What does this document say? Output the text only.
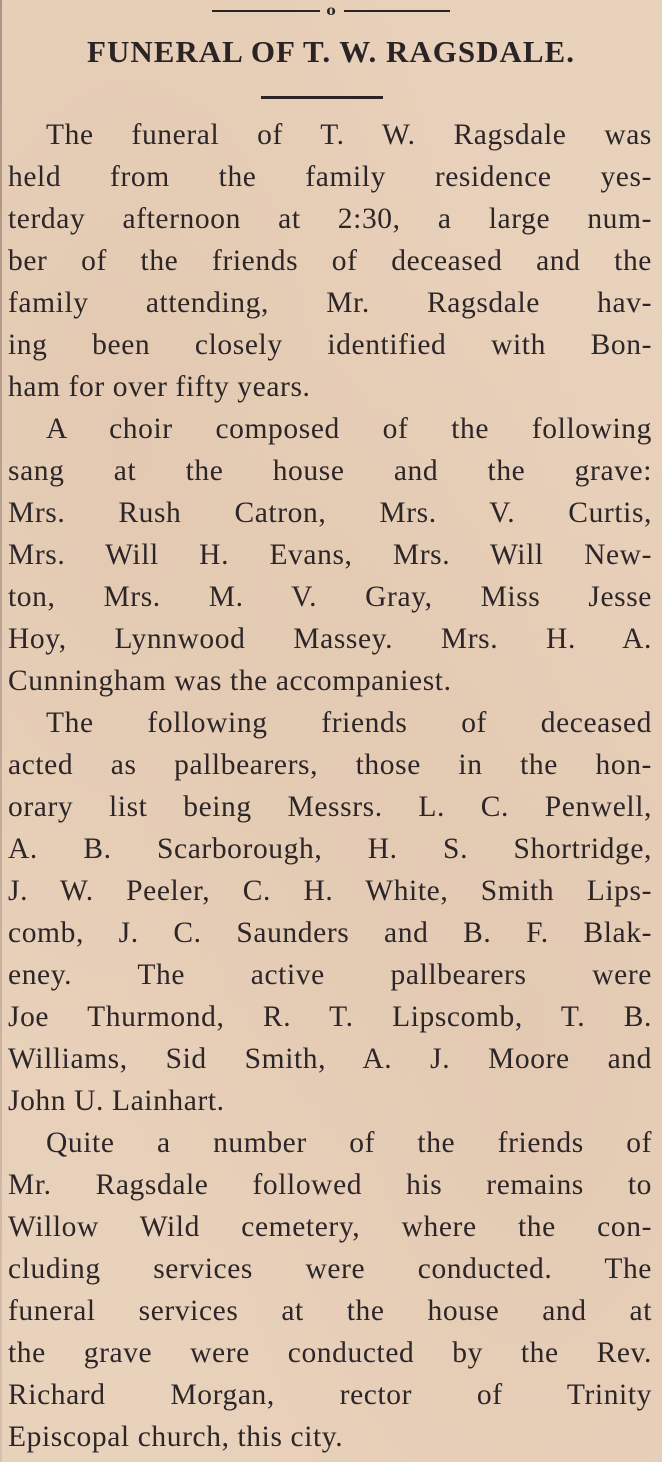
o
FUNERAL OF T. W. RAGSDALE.

The funeral of T. W. Ragsdale was
held from the family residence yes-
terday afternoon at 2:30, a large num-
ber of the friends of deceased and the
family attending, Mr. Ragsdale hav-
ing been closely identified with Bon-
ham for over fifty years.

A choir composed of the following
sang at the house and the grave:
Mrs. Rush Catron, Mrs. V. Curtis,
Mrs. Will H. Evans, Mrs. Will New-
ton, Mrs. M. V. Gray, Miss Jesse
Hoy, Lynnwood Massey. Mrs. H. A.
Cunningham was the accompaniest.

The following friends of deceased
acted as pallbearers, those in the hon-
orary list being Messrs. L. C. Penwell,
A. B. Scarborough, H. S. Shortridge,
J. W. Peeler, C. H. White, Smith Lips-
comb, J. C. Saunders and B. F. Blak-
eney. The active pallbearers were
Joe Thurmond, R. T. Lipscomb, T. B.
Williams, Sid Smith, A. J. Moore and
John U. Lainhart.

Quite a number of the friends of
Mr. Ragsdale followed his remains to
Willow Wild cemetery, where the con-
cluding services were conducted. The
funeral services at the house and at
the grave were conducted by the Rev.
Richard Morgan, rector of Trinity
Episcopal church, this city.
